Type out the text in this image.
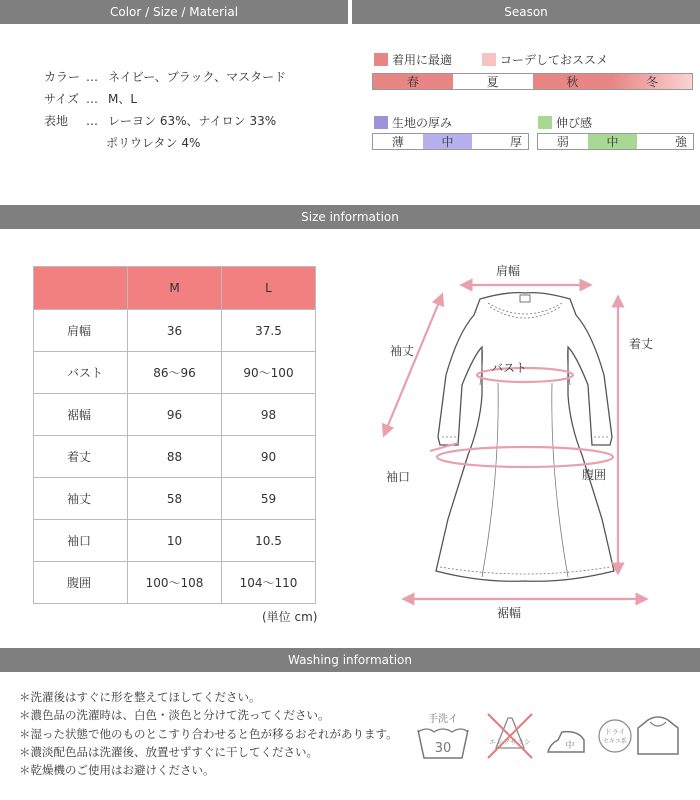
Color / Size / Material	Season
カラー … ネイビー、ブラック、マスタード
サイズ … M、L
表地 … レーヨン 63%、ナイロン 33%
ポリウレタン 4%
着用に最適	コーデしておススメ
春	夏	秋	冬
生地の厚み
薄	中	厚
伸び感
弱	中	強
Size information
	M	L
肩幅	36	37.5
バスト	86～96	90～100
裾幅	96	98
着丈	88	90
袖丈	58	59
袖口	10	10.5
腹囲	100～108	104～110
(単位 cm)
肩幅
袖丈
バスト
着丈
袖口	腹囲
裾幅
Washing information
＊洗濯後はすぐに形を整えてほしてください。
＊濃色品の洗濯時は、白色・淡色と分けて洗ってください。
＊湿った状態で他のものとこすり合わせると色が移るおそれがあります。
＊濃淡配色品は洗濯後、放置せずすぐに干してください。
＊乾燥機のご使用はお避けください。
手洗イ
30	エンソサラシ	中
ドライ
セキユ系
